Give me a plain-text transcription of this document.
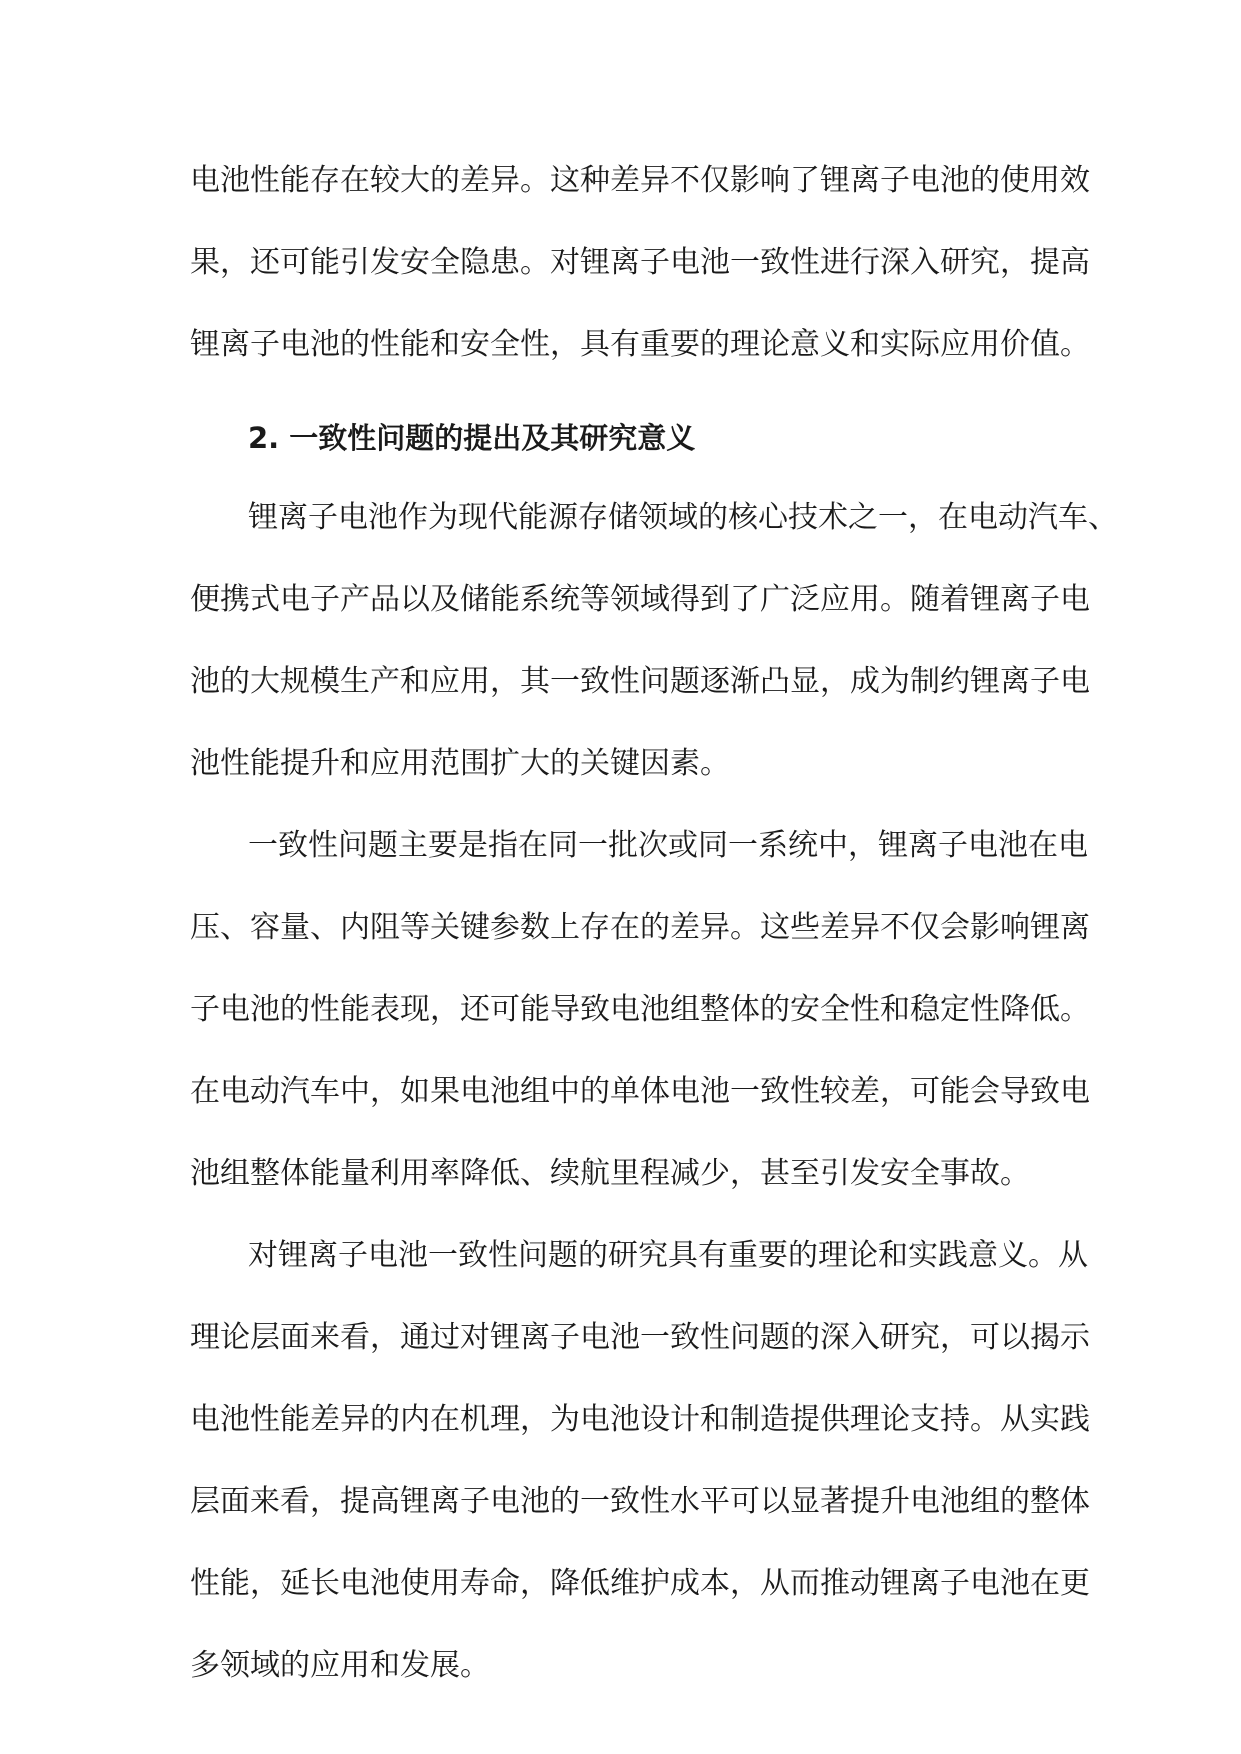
电池性能存在较大的差异。这种差异不仅影响了锂离子电池的使用效
果，还可能引发安全隐患。对锂离子电池一致性进行深入研究，提高
锂离子电池的性能和安全性，具有重要的理论意义和实际应用价值。
2. 一致性问题的提出及其研究意义
锂离子电池作为现代能源存储领域的核心技术之一，在电动汽车、
便携式电子产品以及储能系统等领域得到了广泛应用。随着锂离子电
池的大规模生产和应用，其一致性问题逐渐凸显，成为制约锂离子电
池性能提升和应用范围扩大的关键因素。
一致性问题主要是指在同一批次或同一系统中，锂离子电池在电
压、容量、内阻等关键参数上存在的差异。这些差异不仅会影响锂离
子电池的性能表现，还可能导致电池组整体的安全性和稳定性降低。
在电动汽车中，如果电池组中的单体电池一致性较差，可能会导致电
池组整体能量利用率降低、续航里程减少，甚至引发安全事故。
对锂离子电池一致性问题的研究具有重要的理论和实践意义。从
理论层面来看，通过对锂离子电池一致性问题的深入研究，可以揭示
电池性能差异的内在机理，为电池设计和制造提供理论支持。从实践
层面来看，提高锂离子电池的一致性水平可以显著提升电池组的整体
性能，延长电池使用寿命，降低维护成本，从而推动锂离子电池在更
多领域的应用和发展。
